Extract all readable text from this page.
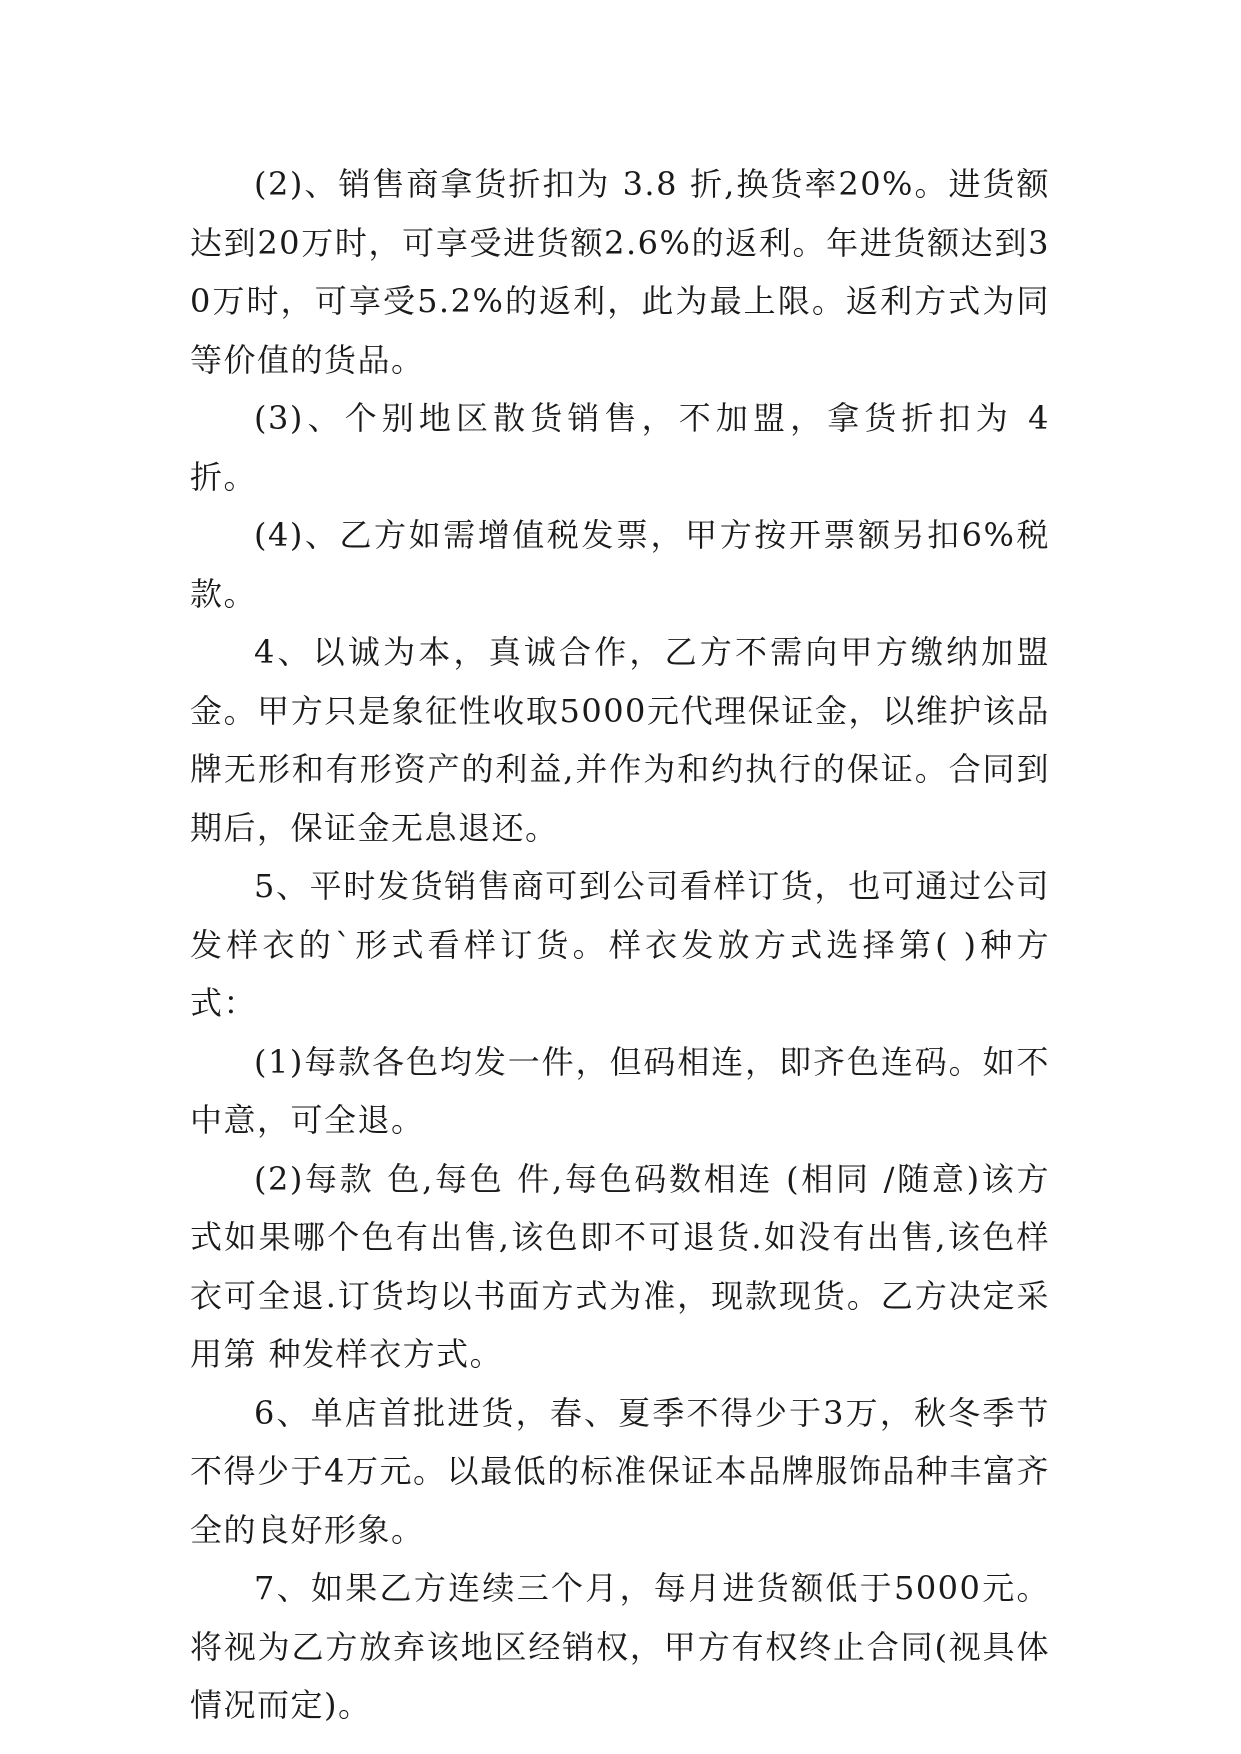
(2)、销售商拿货折扣为 3.8 折,换货率20%。进货额达到20万时，可享受进货额2.6%的返利。年进货额达到30万时，可享受5.2%的返利，此为最上限。返利方式为同等价值的货品。

(3)、个别地区散货销售，不加盟，拿货折扣为 4 折。

(4)、乙方如需增值税发票，甲方按开票额另扣6%税款。

4、以诚为本，真诚合作，乙方不需向甲方缴纳加盟金。甲方只是象征性收取5000元代理保证金，以维护该品牌无形和有形资产的利益,并作为和约执行的保证。合同到期后，保证金无息退还。

5、平时发货销售商可到公司看样订货，也可通过公司发样衣的`形式看样订货。样衣发放方式选择第( )种方式：

(1)每款各色均发一件，但码相连，即齐色连码。如不中意，可全退。

(2)每款 色,每色 件,每色码数相连 (相同 /随意)该方式如果哪个色有出售,该色即不可退货.如没有出售,该色样衣可全退.订货均以书面方式为准，现款现货。乙方决定采用第 种发样衣方式。

6、单店首批进货，春、夏季不得少于3万，秋冬季节不得少于4万元。以最低的标准保证本品牌服饰品种丰富齐全的良好形象。

7、如果乙方连续三个月，每月进货额低于5000元。将视为乙方放弃该地区经销权，甲方有权终止合同(视具体情况而定)。
